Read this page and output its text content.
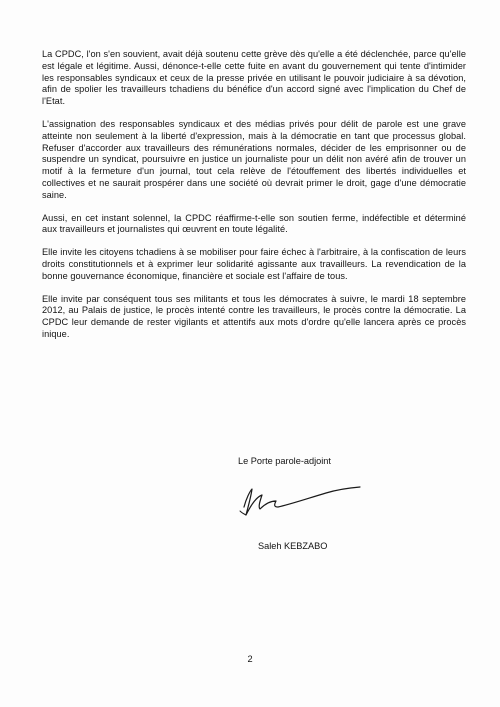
La CPDC, l'on s'en souvient, avait déjà soutenu cette grève dès qu'elle a été déclenchée, parce qu'elle est légale et légitime. Aussi, dénonce-t-elle cette fuite en avant du gouvernement qui tente d'intimider les responsables syndicaux et ceux de la presse privée en utilisant le pouvoir judiciaire à sa dévotion, afin de spolier les travailleurs tchadiens du bénéfice d'un accord signé avec l'implication du Chef de l'Etat.

L'assignation des responsables syndicaux et des médias privés pour délit de parole est une grave atteinte non seulement à la liberté d'expression, mais à la démocratie en tant que processus global. Refuser d'accorder aux travailleurs des rémunérations normales, décider de les emprisonner ou de suspendre un syndicat, poursuivre en justice un journaliste pour un délit non avéré afin de trouver un motif à la fermeture d'un journal, tout cela relève de l'étouffement des libertés individuelles et collectives et ne saurait prospérer dans une société où devrait primer le droit, gage d'une démocratie saine.

Aussi, en cet instant solennel, la CPDC réaffirme-t-elle son soutien ferme, indéfectible et déterminé aux travailleurs et journalistes qui œuvrent en toute légalité.

Elle invite les citoyens tchadiens à se mobiliser pour faire échec à l'arbitraire, à la confiscation de leurs droits constitutionnels et à exprimer leur solidarité agissante aux travailleurs. La revendication de la bonne gouvernance économique, financière et sociale est l'affaire de tous.

Elle invite par conséquent tous ses militants et tous les démocrates à suivre, le mardi 18 septembre 2012, au Palais de justice, le procès intenté contre les travailleurs, le procès contre la démocratie. La CPDC leur demande de rester vigilants et attentifs aux mots d'ordre qu'elle lancera après ce procès inique.

Le Porte parole-adjoint

Saleh KEBZABO

2
